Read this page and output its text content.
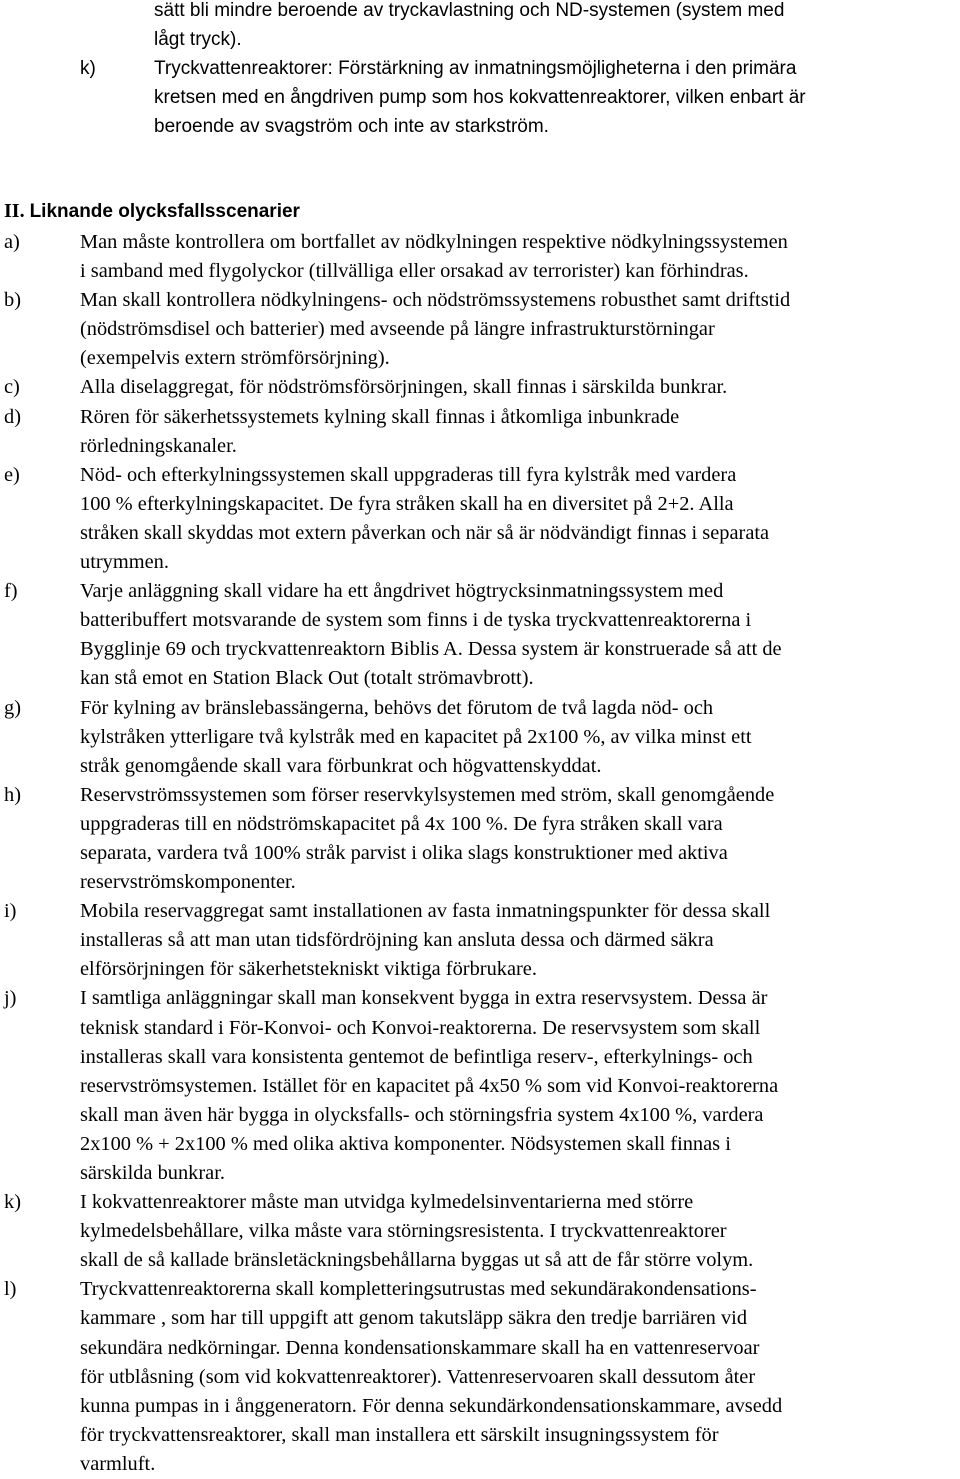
sätt bli mindre beroende av tryckavlastning och ND-systemen (system med
lågt tryck).
k)	Tryckvattenreaktorer: Förstärkning av inmatningsmöjligheterna i den primära
kretsen med en ångdriven pump som hos kokvattenreaktorer, vilken enbart är
beroende av svagström och inte av starkström.
II. Liknande olycksfallsscenarier
a)	Man måste kontrollera om bortfallet av nödkylningen respektive nödkylningssystemen
i samband med flygolyckor (tillvälliga eller orsakad av terrorister) kan förhindras.
b)	Man skall kontrollera nödkylningens- och nödströmssystemens robusthet samt driftstid
(nödströmsdisel och batterier) med avseende på längre infrastrukturstörningar
(exempelvis extern strömförsörjning).
c)	Alla diselaggregat, för nödströmsförsörjningen, skall finnas i särskilda bunkrar.
d)	Rören för säkerhetssystemets kylning skall finnas i åtkomliga inbunkrade
rörledningskanaler.
e)	Nöd- och efterkylningssystemen skall uppgraderas till fyra kylstråk med vardera
100 % efterkylningskapacitet. De fyra stråken skall ha en diversitet på 2+2. Alla
stråken skall skyddas mot extern påverkan och när så är nödvändigt finnas i separata
utrymmen.
f)	Varje anläggning skall vidare ha ett ångdrivet högtrycksinmatningssystem med
batteribuffert motsvarande de system som finns i de tyska tryckvattenreaktorerna i
Bygglinje 69 och tryckvattenreaktorn Biblis A. Dessa system är konstruerade så att de
kan stå emot en Station Black Out (totalt strömavbrott).
g)	För kylning av bränslebassängerna, behövs det förutom de två lagda nöd- och
kylstråken ytterligare två kylstråk med en kapacitet på 2x100 %, av vilka minst ett
stråk genomgående skall vara förbunkrat och högvattenskyddat.
h)	Reservströmssystemen som förser reservkylsystemen med ström, skall genomgående
uppgraderas till en nödströmskapacitet på 4x 100 %. De fyra stråken skall vara
separata, vardera två 100% stråk parvist i olika slags konstruktioner med aktiva
reservströmskomponenter.
i)	Mobila reservaggregat samt installationen av fasta inmatningspunkter för dessa skall
installeras så att man utan tidsfördröjning kan ansluta dessa och därmed säkra
elförsörjningen för säkerhetstekniskt viktiga förbrukare.
j)	I samtliga anläggningar skall man konsekvent bygga in extra reservsystem. Dessa är
teknisk standard i För-Konvoi- och Konvoi-reaktorerna. De reservsystem som skall
installeras skall vara konsistenta gentemot de befintliga reserv-, efterkylnings- och
reservströmsystemen. Istället för en kapacitet på 4x50 % som vid Konvoi-reaktorerna
skall man även här bygga in olycksfalls- och störningsfria system 4x100 %, vardera
2x100 % + 2x100 % med olika aktiva komponenter. Nödsystemen skall finnas i
särskilda bunkrar.
k)	I kokvattenreaktorer måste man utvidga kylmedelsinventarierna med större
kylmedelsbehållare, vilka måste vara störningsresistenta. I tryckvattenreaktorer
skall de så kallade bränsletäckningsbehållarna byggas ut så att de får större volym.
l)	Tryckvattenreaktorerna skall kompletteringsutrustas med sekundärakondensations-
kammare , som har till uppgift att genom takutsläpp säkra den tredje barriären vid
sekundära nedkörningar. Denna kondensationskammare skall ha en vattenreservoar
för utblåsning (som vid kokvattenreaktorer). Vattenreservoaren skall dessutom åter
kunna pumpas in i ånggeneratorn. För denna sekundärkondensationskammare, avsedd
för tryckvattensreaktorer, skall man installera ett särskilt insugningssystem för
varmluft.
